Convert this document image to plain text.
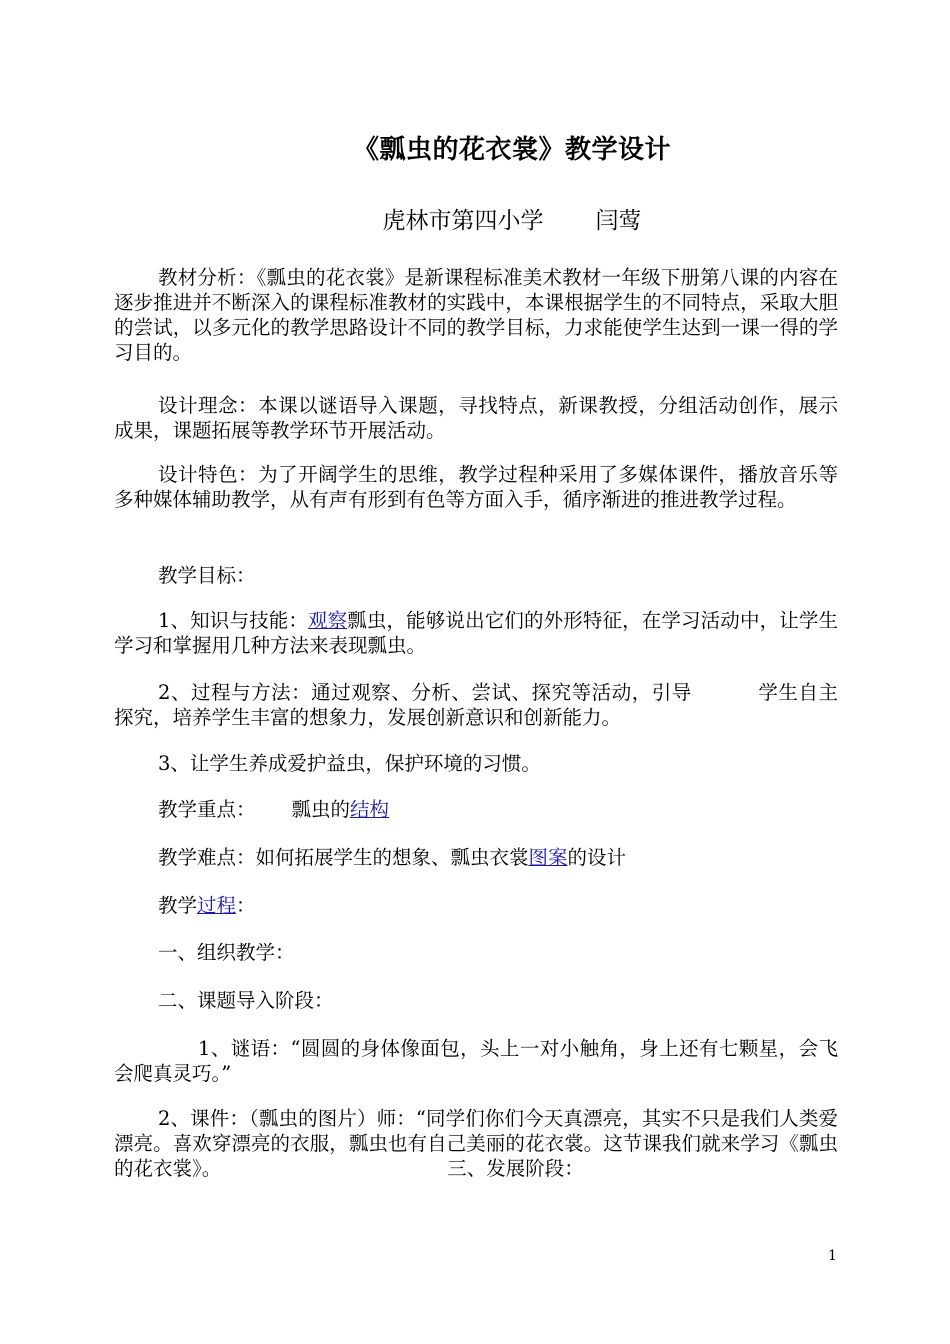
《瓢虫的花衣裳》教学设计
虎林市第四小学 闫莺

教材分析：《瓢虫的花衣裳》是新课程标准美术教材一年级下册第八课的内容在逐步推进并不断深入的课程标准教材的实践中，本课根据学生的不同特点，采取大胆的尝试，以多元化的教学思路设计不同的教学目标，力求能使学生达到一课一得的学习目的。

设计理念：本课以谜语导入课题，寻找特点，新课教授，分组活动创作，展示成果，课题拓展等教学环节开展活动。

设计特色：为了开阔学生的思维，教学过程种采用了多媒体课件，播放音乐等多种媒体辅助教学，从有声有形到有色等方面入手，循序渐进的推进教学过程。

教学目标：

1、知识与技能：观察瓢虫，能够说出它们的外形特征，在学习活动中，让学生学习和掌握用几种方法来表现瓢虫。

2、过程与方法：通过观察、分析、尝试、探究等活动，引导	学生自主探究，培养学生丰富的想象力，发展创新意识和创新能力。

3、让学生养成爱护益虫，保护环境的习惯。

教学重点： 瓢虫的结构

教学难点：如何拓展学生的想象、瓢虫衣裳图案的设计

教学过程：

一、组织教学：

二、课题导入阶段：

1、谜语：“圆圆的身体像面包，头上一对小触角，身上还有七颗星，会飞会爬真灵巧。”

2、课件：（瓢虫的图片）师：“同学们你们今天真漂亮，其实不只是我们人类爱漂亮。喜欢穿漂亮的衣服，瓢虫也有自己美丽的花衣裳。这节课我们就来学习《瓢虫的花衣裳》。	三、发展阶段：

1
